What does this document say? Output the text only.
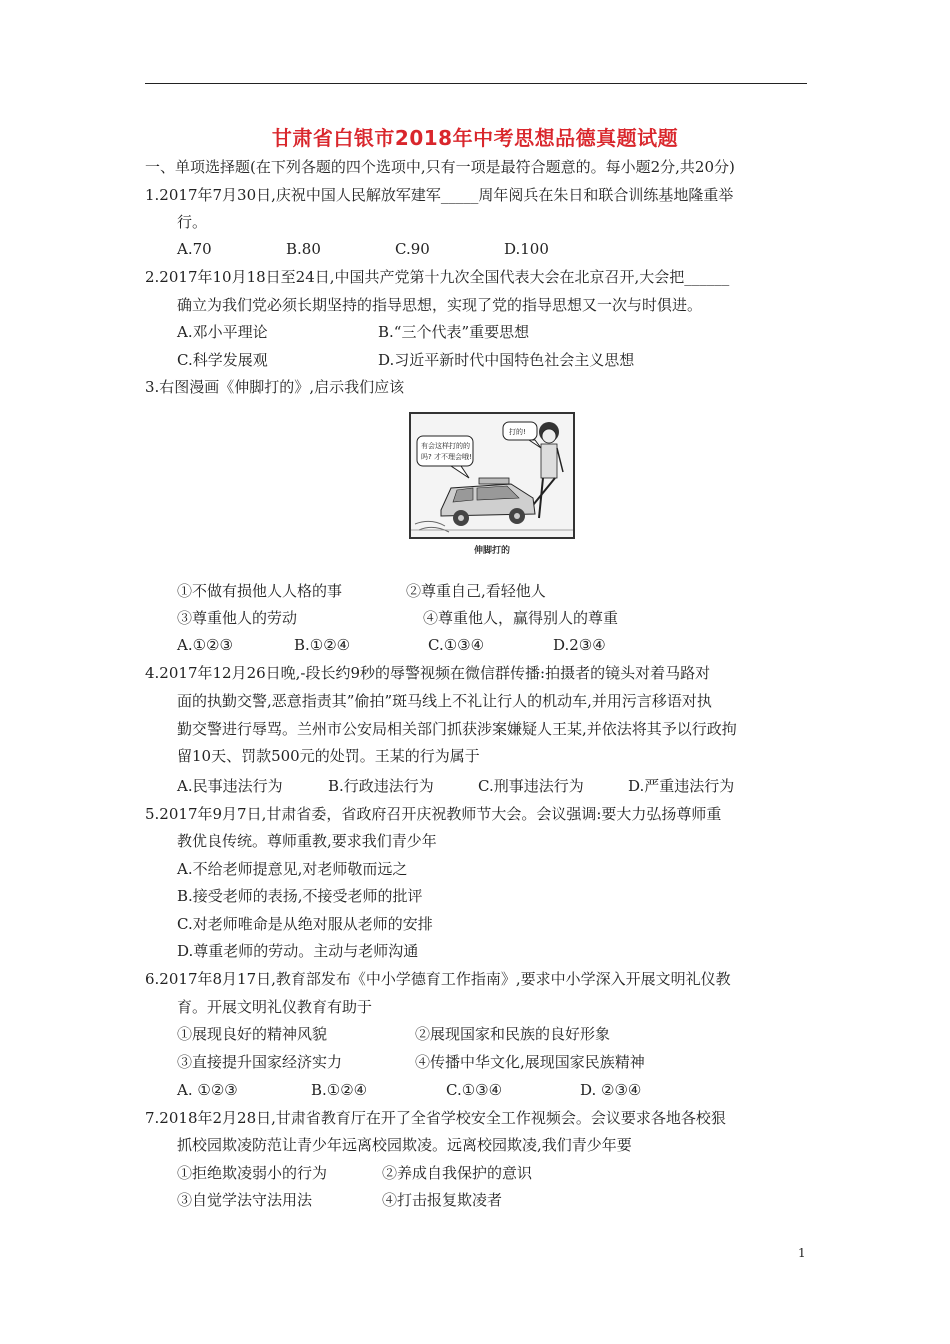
甘肃省白银市2018年中考思想品德真题试题
一、单项选择题(在下列各题的四个选项中,只有一项是最符合题意的。每小题2分,共20分)
1.2017年7月30日,庆祝中国人民解放军建军_____周年阅兵在朱日和联合训练基地隆重举
行。
A.70	B.80	C.90	D.100
2.2017年10月18日至24日,中国共产党第十九次全国代表大会在北京召开,大会把______
确立为我们党必须长期坚持的指导思想，实现了党的指导思想又一次与时俱进。
A.邓小平理论	B.“三个代表”重要思想
C.科学发展观	D.习近平新时代中国特色社会主义思想
3.右图漫画《伸脚打的》,启示我们应该
有会这样打的的
吗? 才不理会哦!
打的!
伸脚打的
①不做有损他人人格的事	②尊重自己,看轻他人
③尊重他人的劳动	④尊重他人，赢得别人的尊重
A.①②③	B.①②④	C.①③④	D.2③④
4.2017年12月26日晚,-段长约9秒的辱警视频在微信群传播:拍摄者的镜头对着马路对
面的执勤交警,恶意指责其”偷拍”斑马线上不礼让行人的机动车,并用污言移语对执
勤交警进行辱骂。兰州市公安局相关部门抓获涉案嫌疑人王某,并依法将其予以行政拘
留10天、罚款500元的处罚。王某的行为属于
A.民事违法行为	B.行政违法行为	C.刑事违法行为	D.严重违法行为
5.2017年9月7日,甘肃省委，省政府召开庆祝教师节大会。会议强调:要大力弘扬尊师重
教优良传统。尊师重教,要求我们青少年
A.不给老师提意见,对老师敬而远之
B.接受老师的表扬,不接受老师的批评
C.对老师唯命是从绝对服从老师的安排
D.尊重老师的劳动。主动与老师沟通
6.2017年8月17日,教育部发布《中小学德育工作指南》,要求中小学深入开展文明礼仪教
育。开展文明礼仪教育有助于
①展现良好的精神风貌	②展现国家和民族的良好形象
③直接提升国家经济实力	④传播中华文化,展现国家民族精神
A. ①②③	B.①②④	C.①③④	D. ②③④
7.2018年2月28日,甘肃省教育厅在开了全省学校安全工作视频会。会议要求各地各校狠
抓校园欺凌防范让青少年远离校园欺凌。远离校园欺凌,我们青少年要
①拒绝欺凌弱小的行为	②养成自我保护的意识
③自觉学法守法用法	④打击报复欺凌者
1
